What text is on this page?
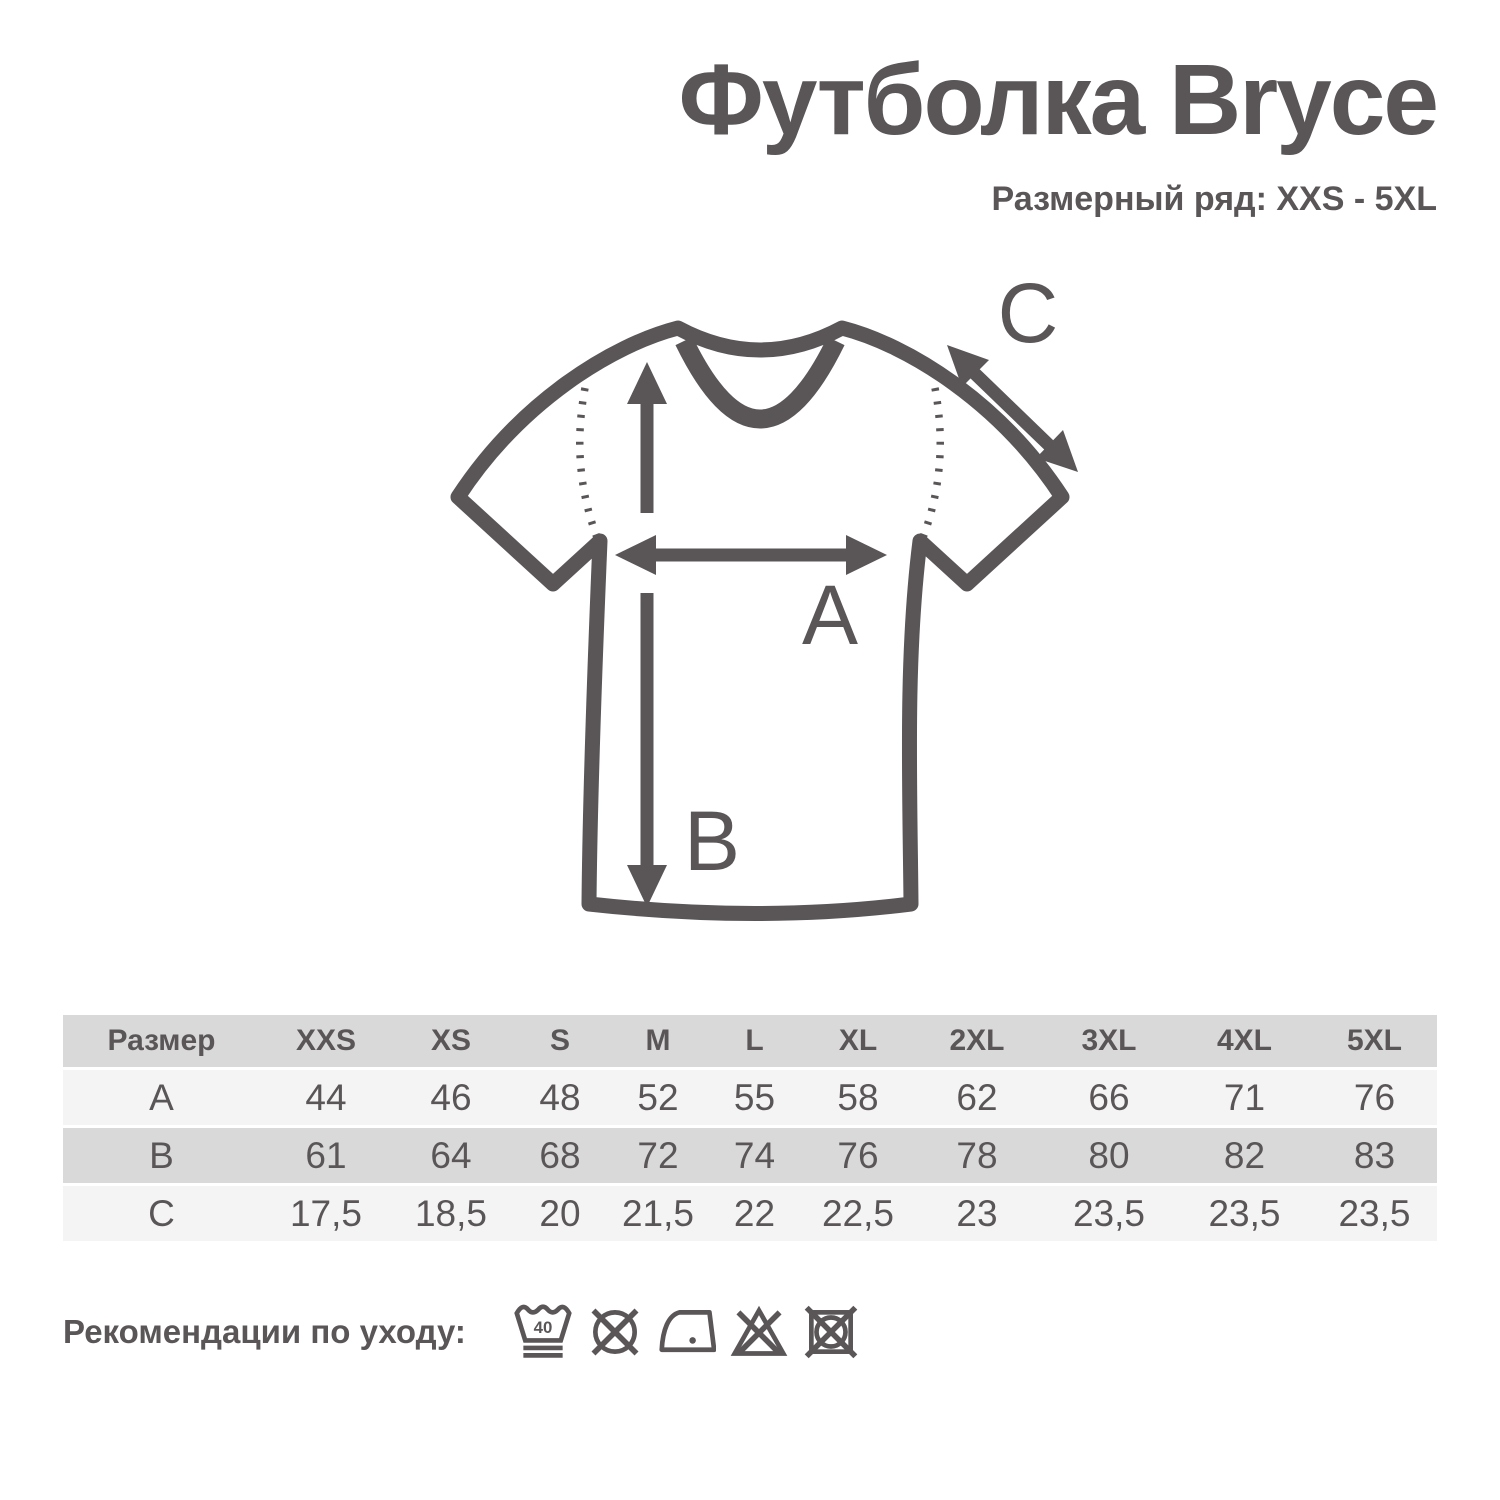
Футболка Bryce

Размерный ряд: XXS - 5XL

A
B
C
Размер	XXS	XS	S	M	L	XL	2XL	3XL	4XL	5XL
A	44	46	48	52	55	58	62	66	71	76
B	61	64	68	72	74	76	78	80	82	83
C	17,5	18,5	20	21,5	22	22,5	23	23,5	23,5	23,5
Рекомендации по уходу:	40
